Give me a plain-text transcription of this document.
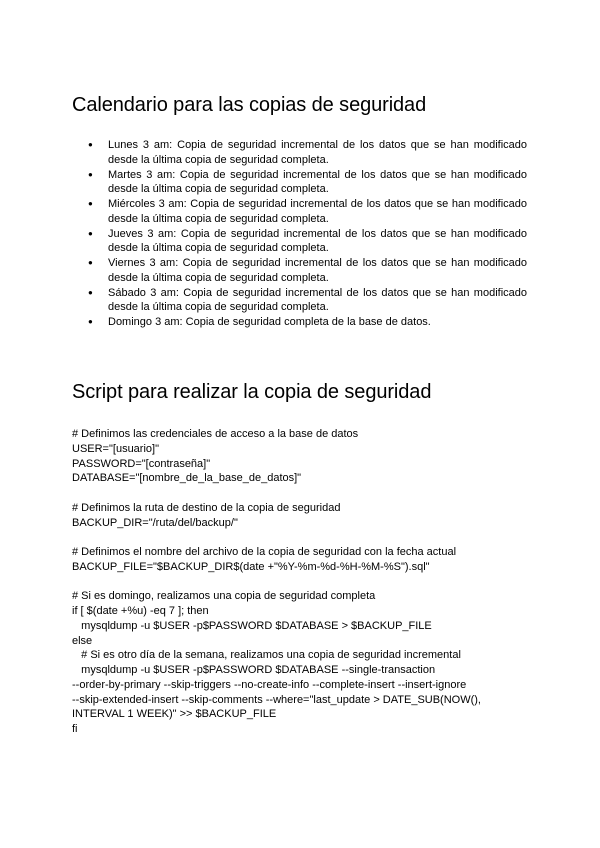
Calendario para las copias de seguridad
● Lunes 3 am: Copia de seguridad incremental de los datos que se han modificado desde la última copia de seguridad completa.
● Martes 3 am: Copia de seguridad incremental de los datos que se han modificado desde la última copia de seguridad completa.
● Miércoles 3 am: Copia de seguridad incremental de los datos que se han modificado desde la última copia de seguridad completa.
● Jueves 3 am: Copia de seguridad incremental de los datos que se han modificado desde la última copia de seguridad completa.
● Viernes 3 am: Copia de seguridad incremental de los datos que se han modificado desde la última copia de seguridad completa.
● Sábado 3 am: Copia de seguridad incremental de los datos que se han modificado desde la última copia de seguridad completa.
● Domingo 3 am: Copia de seguridad completa de la base de datos.
Script para realizar la copia de seguridad
# Definimos las credenciales de acceso a la base de datos
USER="[usuario]"
PASSWORD="[contraseña]"
DATABASE="[nombre_de_la_base_de_datos]"
# Definimos la ruta de destino de la copia de seguridad
BACKUP_DIR="/ruta/del/backup/"
# Definimos el nombre del archivo de la copia de seguridad con la fecha actual
BACKUP_FILE="$BACKUP_DIR$(date +"%Y-%m-%d-%H-%M-%S").sql"
# Si es domingo, realizamos una copia de seguridad completa
if [ $(date +%u) -eq 7 ]; then
mysqldump -u $USER -p$PASSWORD $DATABASE > $BACKUP_FILE
else
# Si es otro día de la semana, realizamos una copia de seguridad incremental
mysqldump -u $USER -p$PASSWORD $DATABASE --single-transaction
--order-by-primary --skip-triggers --no-create-info --complete-insert --insert-ignore
--skip-extended-insert --skip-comments --where="last_update > DATE_SUB(NOW(),
INTERVAL 1 WEEK)" >> $BACKUP_FILE
fi
